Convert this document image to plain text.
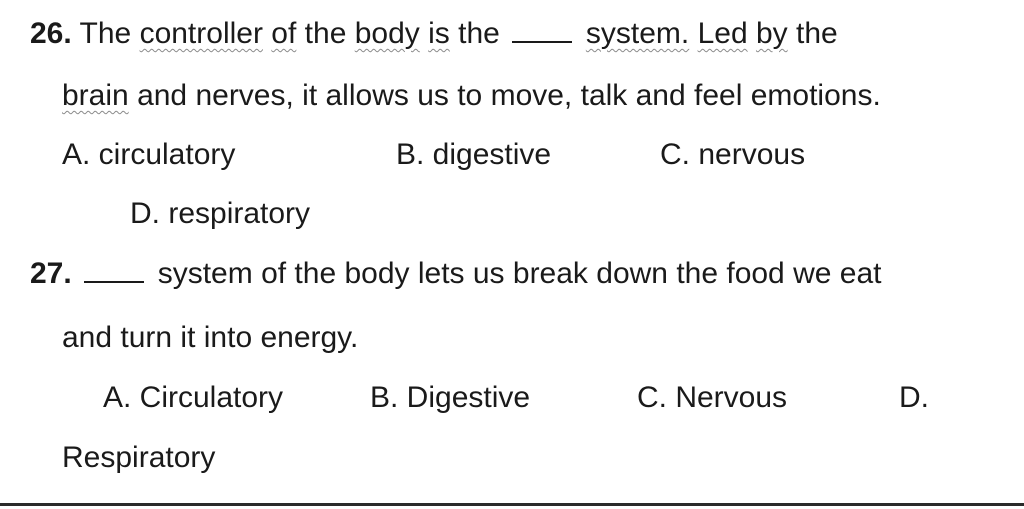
26. The controller of the body is the	system. Led by the
brain and nerves, it allows us to move, talk and feel emotions.
A. circulatory	B. digestive	C. nervous
D. respiratory
27.	system of the body lets us break down the food we eat
and turn it into energy.
A. Circulatory	B. Digestive	C. Nervous	D.
Respiratory
